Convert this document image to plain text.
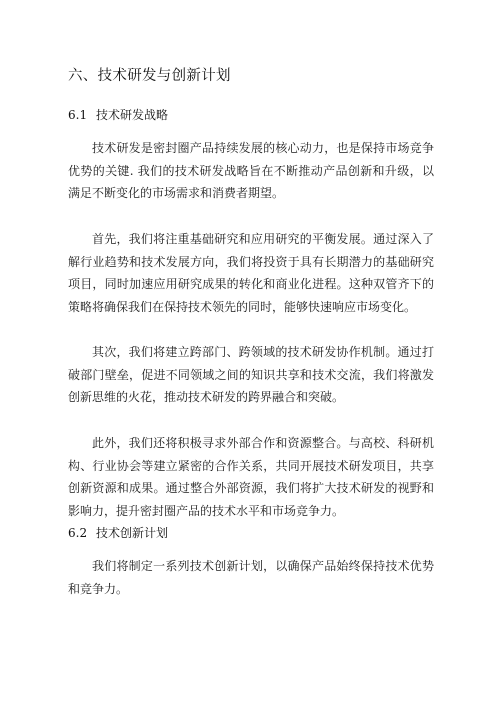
六、技术研发与创新计划
6.1 技术研发战略

技术研发是密封圈产品持续发展的核心动力，也是保持市场竞争优势的关键. 我们的技术研发战略旨在不断推动产品创新和升级，以满足不断变化的市场需求和消费者期望。

首先，我们将注重基础研究和应用研究的平衡发展。通过深入了解行业趋势和技术发展方向，我们将投资于具有长期潜力的基础研究项目，同时加速应用研究成果的转化和商业化进程。这种双管齐下的策略将确保我们在保持技术领先的同时，能够快速响应市场变化。

其次，我们将建立跨部门、跨领域的技术研发协作机制。通过打破部门壁垒，促进不同领域之间的知识共享和技术交流，我们将激发创新思维的火花，推动技术研发的跨界融合和突破。

此外，我们还将积极寻求外部合作和资源整合。与高校、科研机构、行业协会等建立紧密的合作关系，共同开展技术研发项目，共享创新资源和成果。通过整合外部资源，我们将扩大技术研发的视野和影响力，提升密封圈产品的技术水平和市场竞争力。

6.2 技术创新计划

我们将制定一系列技术创新计划，以确保产品始终保持技术优势和竞争力。
